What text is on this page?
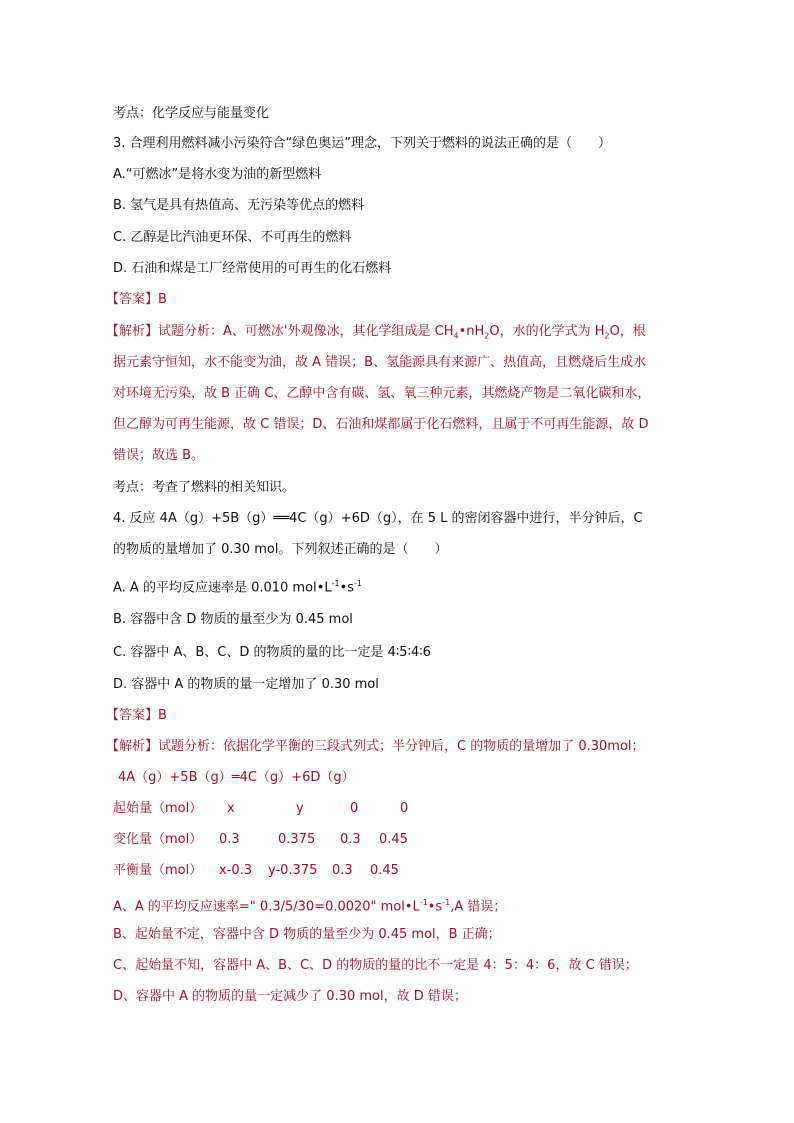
考点：化学反应与能量变化
3. 合理利用燃料减小污染符合“绿色奥运”理念，下列关于燃料的说法正确的是（　　）
A.“可燃冰”是将水变为油的新型燃料
B. 氢气是具有热值高、无污染等优点的燃料
C. 乙醇是比汽油更环保、不可再生的燃料
D. 石油和煤是工厂经常使用的可再生的化石燃料
【答案】B
【解析】试题分析：A、可燃冰'外观像冰，其化学组成是 $CH_4•nH_2O$，水的化学式为 $H_2O$，根
据元素守恒知，水不能变为油，故 A 错误；B、氢能源具有来源广、热值高，且燃烧后生成水
对环境无污染，故 B 正确 C、乙醇中含有碳、氢、氧三种元素，其燃烧产物是二氧化碳和水，
但乙醇为可再生能源，故 C 错误；D、石油和煤都属于化石燃料，且属于不可再生能源，故 D
错误；故选 B。
考点：考查了燃料的相关知识。
4. 反应 4A（g）+5B（g）══4C（g）+6D（g），在 5 L 的密闭容器中进行，半分钟后，C
的物质的量增加了 0.30 mol。下列叙述正确的是（　　）
A. A 的平均反应速率是 0.010 $mol•L^{-1}•s^{-1}$
B. 容器中含 D 物质的量至少为 0.45 mol
C. 容器中 A、B、C、D 的物质的量的比一定是 4∶5∶4∶6
D. 容器中 A 的物质的量一定增加了 0.30 mol
【答案】B
【解析】试题分析：依据化学平衡的三段式列式；半分钟后，C 的物质的量增加了 0.30mol；
4A（g）+5B（g）═4C（g）+6D（g）
起始量（mol） x	y	0	0
变化量（mol） 0.3	0.375 0.3 0.45
平衡量（mol） x-0.3 y-0.375 0.3 0.45
A、A 的平均反应速率=" 0.3/5/30=0.0020" $mol•L^{-1}•s^{-1},A$ 错误；
B、起始量不定，容器中含 D 物质的量至少为 0.45 mol，B 正确；
C、起始量不知，容器中 A、B、C、D 的物质的量的比不一定是 4：5：4：6，故 C 错误；
D、容器中 A 的物质的量一定减少了 0.30 mol，故 D 错误；
